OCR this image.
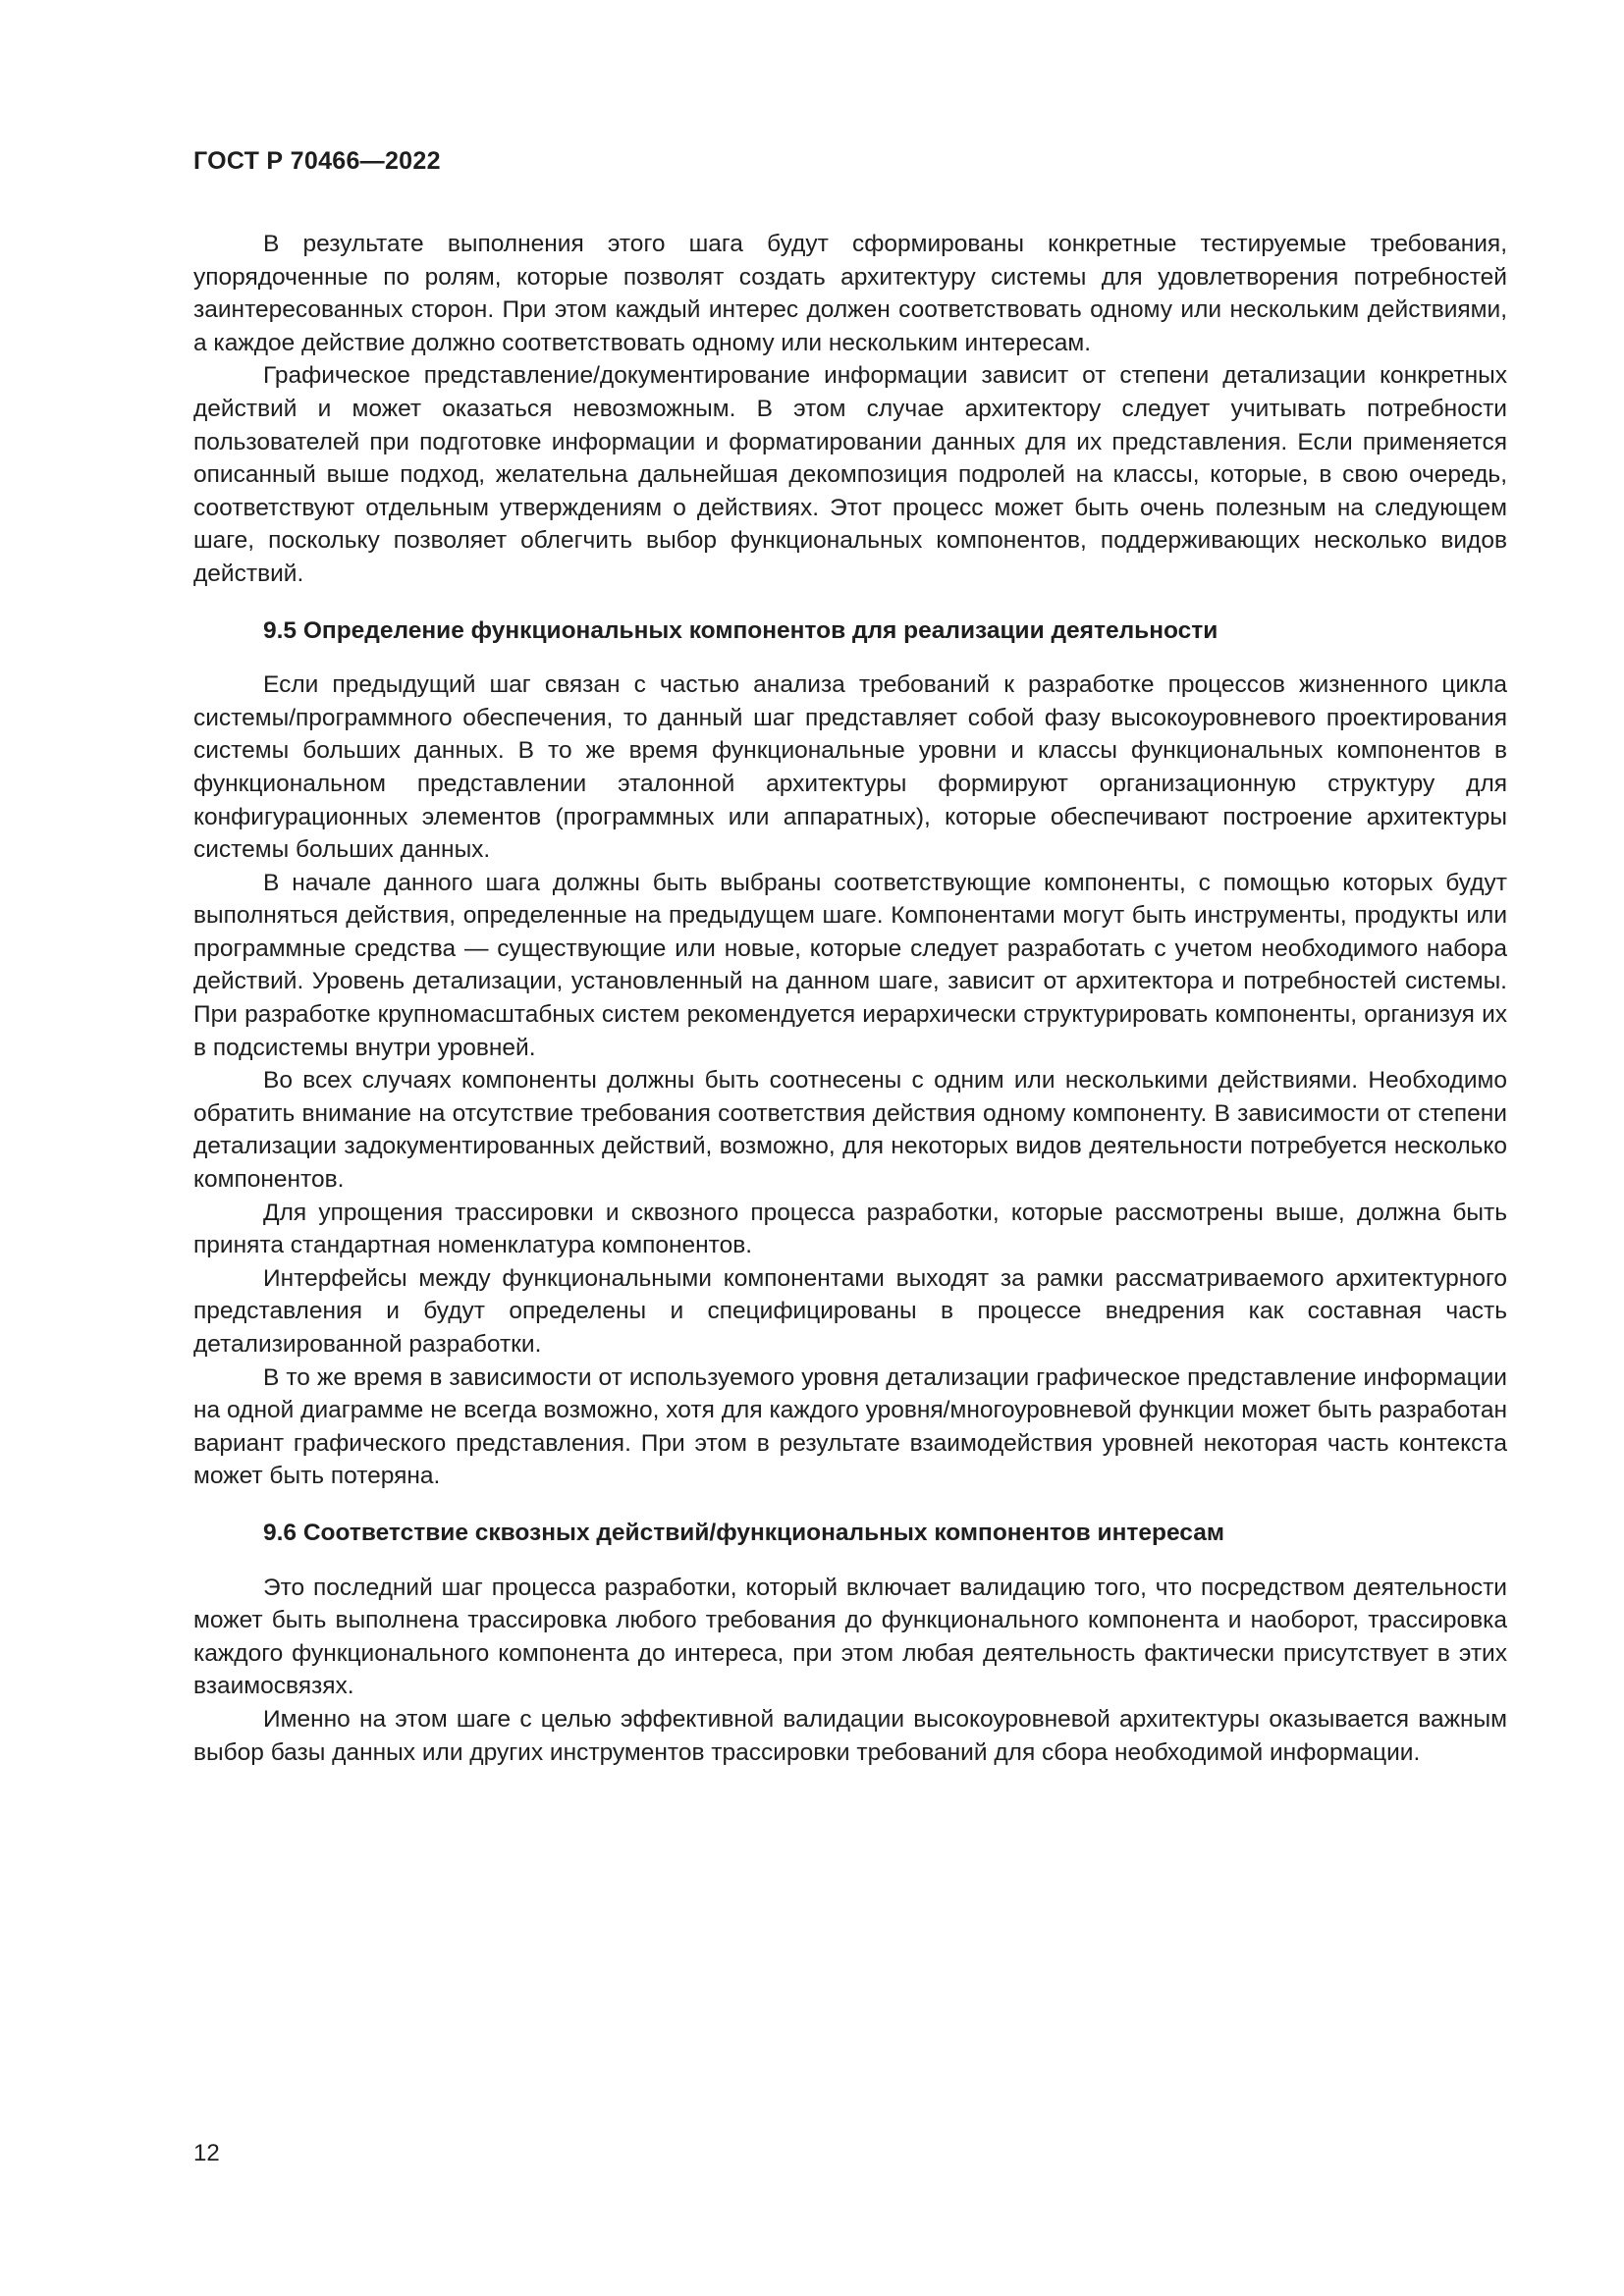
ГОСТ Р 70466—2022

В результате выполнения этого шага будут сформированы конкретные тестируемые требования, упорядоченные по ролям, которые позволят создать архитектуру системы для удовлетворения потребностей заинтересованных сторон. При этом каждый интерес должен соответствовать одному или нескольким действиями, а каждое действие должно соответствовать одному или нескольким интересам.

Графическое представление/документирование информации зависит от степени детализации конкретных действий и может оказаться невозможным. В этом случае архитектору следует учитывать потребности пользователей при подготовке информации и форматировании данных для их представления. Если применяется описанный выше подход, желательна дальнейшая декомпозиция подролей на классы, которые, в свою очередь, соответствуют отдельным утверждениям о действиях. Этот процесс может быть очень полезным на следующем шаге, поскольку позволяет облегчить выбор функциональных компонентов, поддерживающих несколько видов действий.

9.5 Определение функциональных компонентов для реализации деятельности

Если предыдущий шаг связан с частью анализа требований к разработке процессов жизненного цикла системы/программного обеспечения, то данный шаг представляет собой фазу высокоуровневого проектирования системы больших данных. В то же время функциональные уровни и классы функциональных компонентов в функциональном представлении эталонной архитектуры формируют организационную структуру для конфигурационных элементов (программных или аппаратных), которые обеспечивают построение архитектуры системы больших данных.

В начале данного шага должны быть выбраны соответствующие компоненты, с помощью которых будут выполняться действия, определенные на предыдущем шаге. Компонентами могут быть инструменты, продукты или программные средства — существующие или новые, которые следует разработать с учетом необходимого набора действий. Уровень детализации, установленный на данном шаге, зависит от архитектора и потребностей системы. При разработке крупномасштабных систем рекомендуется иерархически структурировать компоненты, организуя их в подсистемы внутри уровней.

Во всех случаях компоненты должны быть соотнесены с одним или несколькими действиями. Необходимо обратить внимание на отсутствие требования соответствия действия одному компоненту. В зависимости от степени детализации задокументированных действий, возможно, для некоторых видов деятельности потребуется несколько компонентов.

Для упрощения трассировки и сквозного процесса разработки, которые рассмотрены выше, должна быть принята стандартная номенклатура компонентов.

Интерфейсы между функциональными компонентами выходят за рамки рассматриваемого архитектурного представления и будут определены и специфицированы в процессе внедрения как составная часть детализированной разработки.

В то же время в зависимости от используемого уровня детализации графическое представление информации на одной диаграмме не всегда возможно, хотя для каждого уровня/многоуровневой функции может быть разработан вариант графического представления. При этом в результате взаимодействия уровней некоторая часть контекста может быть потеряна.

9.6 Соответствие сквозных действий/функциональных компонентов интересам

Это последний шаг процесса разработки, который включает валидацию того, что посредством деятельности может быть выполнена трассировка любого требования до функционального компонента и наоборот, трассировка каждого функционального компонента до интереса, при этом любая деятельность фактически присутствует в этих взаимосвязях.

Именно на этом шаге с целью эффективной валидации высокоуровневой архитектуры оказывается важным выбор базы данных или других инструментов трассировки требований для сбора необходимой информации.

12
